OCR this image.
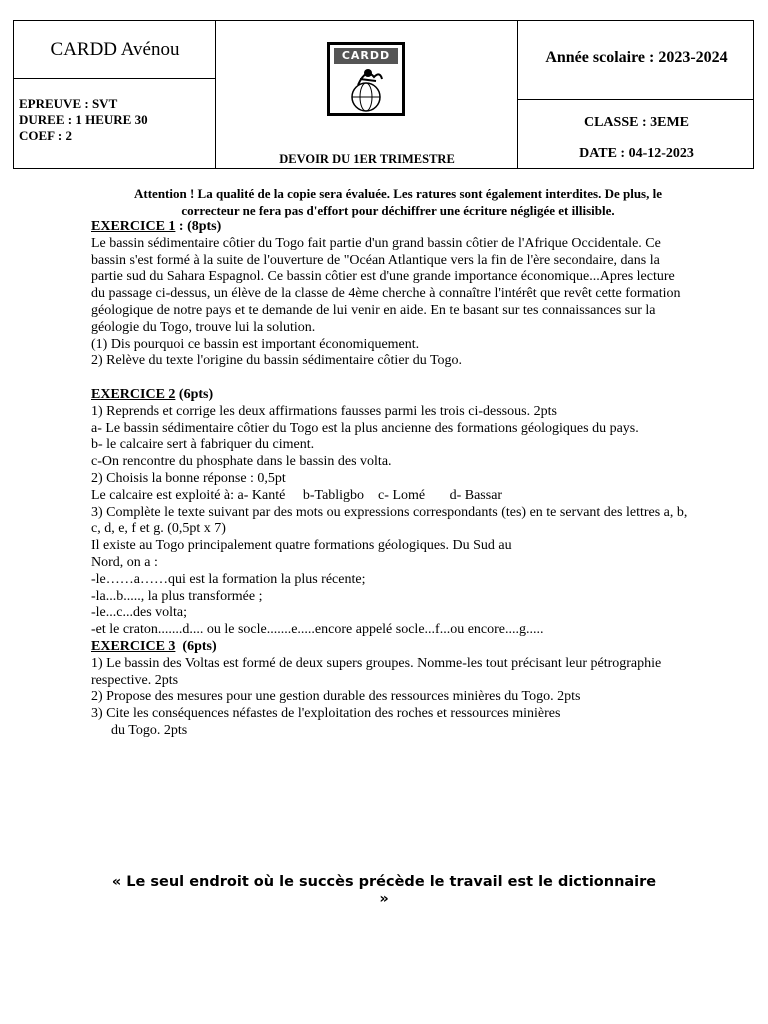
CARDD Avénou
EPREUVE : SVT
DUREE : 1 HEURE 30
COEF : 2
CARDD
DEVOIR DU 1ER TRIMESTRE
Année scolaire : 2023-2024
CLASSE : 3EME
DATE : 04-12-2023
Attention ! La qualité de la copie sera évaluée. Les ratures sont également interdites. De plus, le correcteur ne fera pas d'effort pour déchiffrer une écriture négligée et illisible.
EXERCICE 1 : (8pts)

Le bassin sédimentaire côtier du Togo fait partie d'un grand bassin côtier de l'Afrique Occidentale. Ce bassin s'est formé à la suite de l'ouverture de "Océan Atlantique vers la fin de l'ère secondaire, dans la partie sud du Sahara Espagnol. Ce bassin côtier est d'une grande importance économique...Apres lecture du passage ci-dessus, un élève de la classe de 4ème cherche à connaître l'intérêt que revêt cette formation géologique de notre pays et te demande de lui venir en aide. En te basant sur tes connaissances sur la géologie du Togo, trouve lui la solution.

(1) Dis pourquoi ce bassin est important économiquement.

2) Relève du texte l'origine du bassin sédimentaire côtier du Togo.

EXERCICE 2 (6pts)

1) Reprends et corrige les deux affirmations fausses parmi les trois ci-dessous. 2pts

a- Le bassin sédimentaire côtier du Togo est la plus ancienne des formations géologiques du pays.

b- le calcaire sert à fabriquer du ciment.

c-On rencontre du phosphate dans le bassin des volta.

2) Choisis la bonne réponse : 0,5pt

Le calcaire est exploité à: a- Kanté     b-Tabligbo    c- Lomé       d- Bassar

3) Complète le texte suivant par des mots ou expressions correspondants (tes) en te servant des lettres a, b, c, d, e, f et g. (0,5pt x 7)

Il existe au Togo principalement quatre formations géologiques. Du Sud au

Nord, on a :

-le……a……qui est la formation la plus récente;

-la...b....., la plus transformée ;

-le...c...des volta;

-et le craton.......d.... ou le socle.......e.....encore appelé socle...f...ou encore....g.....

EXERCICE 3  (6pts)

1) Le bassin des Voltas est formé de deux supers groupes. Nomme-les tout précisant leur pétrographie respective. 2pts

2) Propose des mesures pour une gestion durable des ressources minières du Togo. 2pts

3) Cite les conséquences néfastes de l'exploitation des roches et ressources minières

du Togo. 2pts

« Le seul endroit où le succès précède le travail est le dictionnaire »
